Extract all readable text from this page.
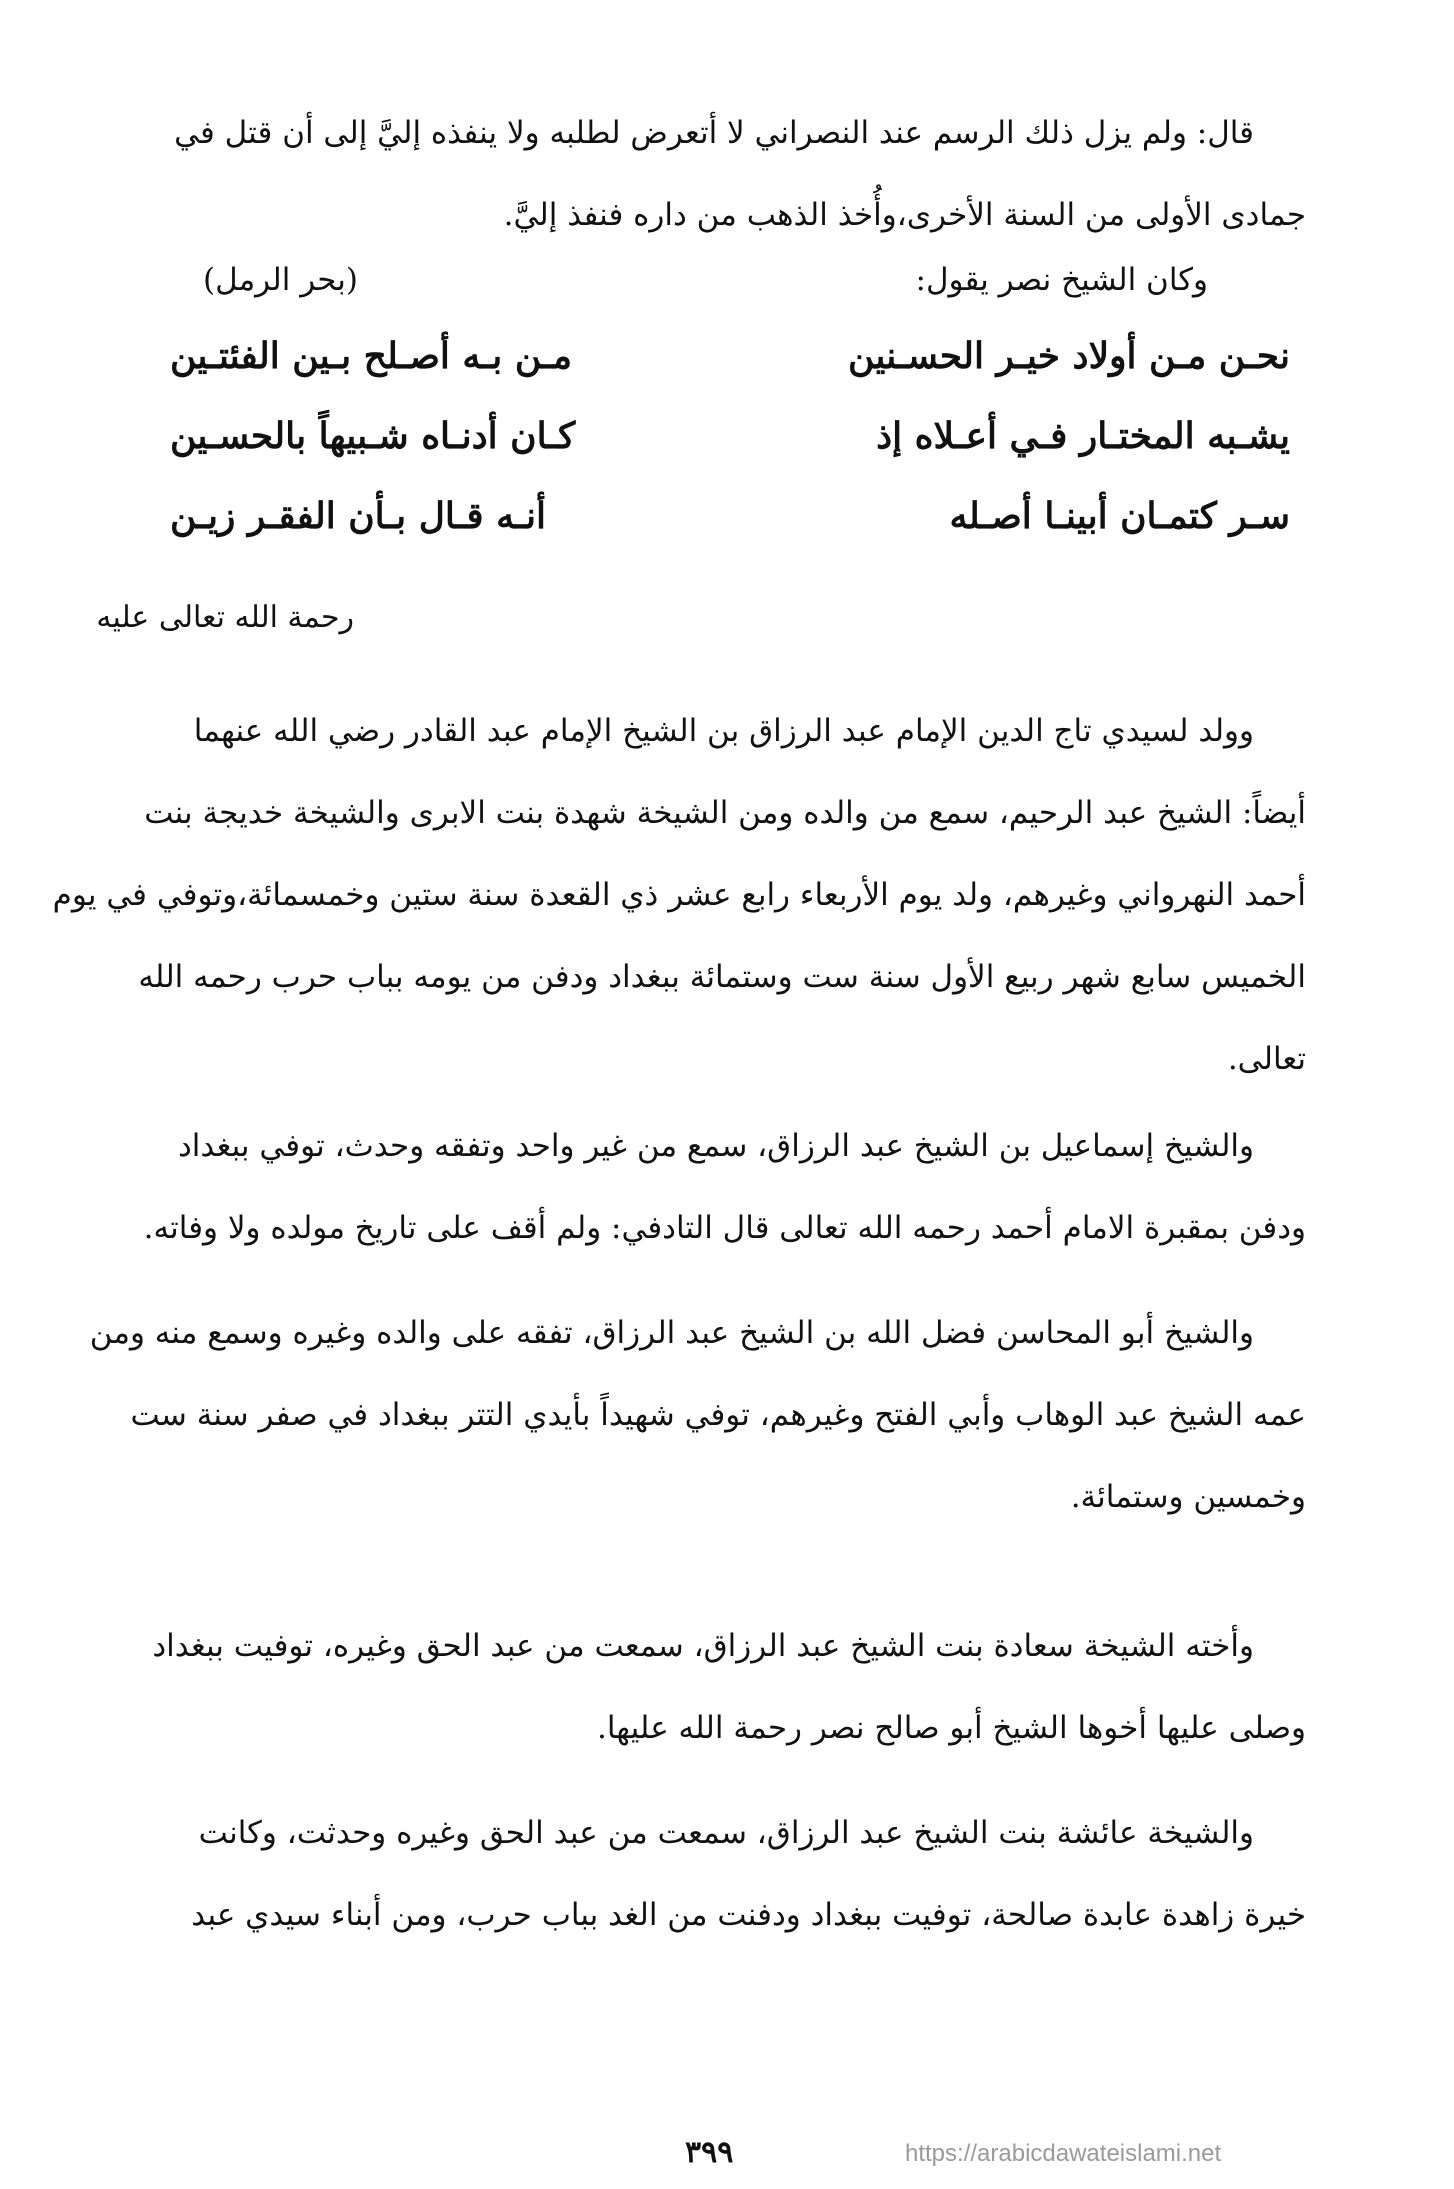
قال: ولم يزل ذلك الرسم عند النصراني لا أتعرض لطلبه ولا ينفذه إليَّ إلى أن قتل في
جمادى الأولى من السنة الأخرى،وأُخذ الذهب من داره فنفذ إليَّ.
وكان الشيخ نصر يقول:
(بحر الرمل)
نحـن مـن أولاد خيـر الحسـنين
مـن بـه أصـلح بـين الفئتـين
يشـبه المختـار فـي أعـلاه إذ
كـان أدنـاه شـبيهاً بالحسـين
سـر كتمـان أبينـا أصـله
أنـه قـال بـأن الفقـر زيـن
رحمة الله تعالى عليه
وولد لسيدي تاج الدين الإمام عبد الرزاق بن الشيخ الإمام عبد القادر رضي الله عنهما
أيضاً: الشيخ عبد الرحيم، سمع من والده ومن الشيخة شهدة بنت الابرى والشيخة خديجة بنت
أحمد النهرواني وغيرهم، ولد يوم الأربعاء رابع عشر ذي القعدة سنة ستين وخمسمائة،وتوفي في يوم
الخميس سابع شهر ربيع الأول سنة ست وستمائة ببغداد ودفن من يومه بباب حرب رحمه الله
تعالى.
والشيخ إسماعيل بن الشيخ عبد الرزاق، سمع من غير واحد وتفقه وحدث، توفي ببغداد
ودفن بمقبرة الامام أحمد رحمه الله تعالى قال التادفي: ولم أقف على تاريخ مولده ولا وفاته.
والشيخ أبو المحاسن فضل الله بن الشيخ عبد الرزاق، تفقه على والده وغيره وسمع منه ومن
عمه الشيخ عبد الوهاب وأبي الفتح وغيرهم، توفي شهيداً بأيدي التتر ببغداد في صفر سنة ست
وخمسين وستمائة.
وأخته الشيخة سعادة بنت الشيخ عبد الرزاق، سمعت من عبد الحق وغيره، توفيت ببغداد
وصلى عليها أخوها الشيخ أبو صالح نصر رحمة الله عليها.
والشيخة عائشة بنت الشيخ عبد الرزاق، سمعت من عبد الحق وغيره وحدثت، وكانت
خيرة زاهدة عابدة صالحة، توفيت ببغداد ودفنت من الغد بباب حرب، ومن أبناء سيدي عبد
٣٩٩	https://arabicdawateislami.net
